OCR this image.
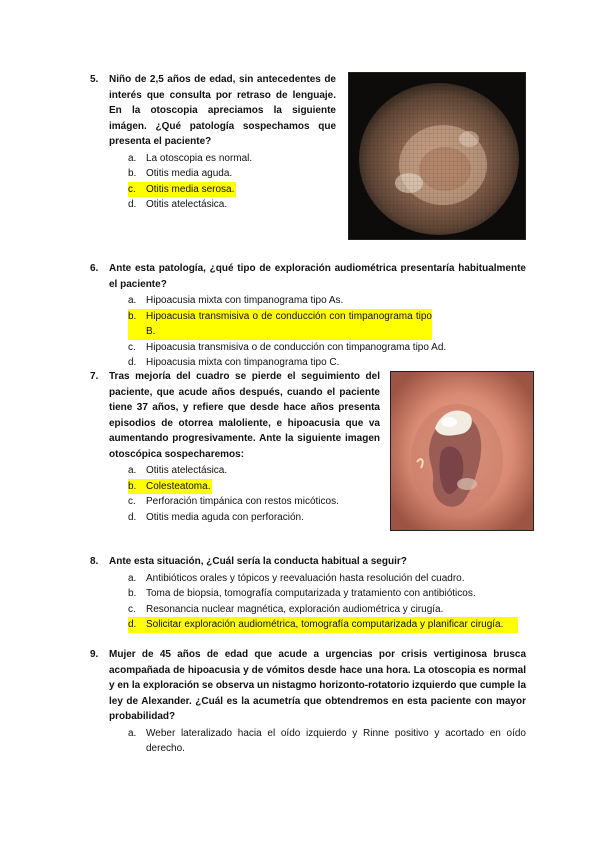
5. Niño de 2,5 años de edad, sin antecedentes de interés que consulta por retraso de lenguaje. En la otoscopia apreciamos la siguiente imágen. ¿Qué patología sospechamos que presenta el paciente?
a. La otoscopia es normal.
b. Otitis media aguda.
c.	Otitis media serosa.
d. Otitis atelectásica.
6. Ante esta patología, ¿qué tipo de exploración audiométrica presentaría habitualmente el paciente?
a. Hipoacusia mixta con timpanograma tipo As.
b. Hipoacusia transmisiva o de conducción con timpanograma tipo B.
c.	Hipoacusia transmisiva o de conducción con timpanograma tipo Ad.
d. Hipoacusia mixta con timpanograma tipo C.
7. Tras mejoría del cuadro se pierde el seguimiento del paciente, que acude años después, cuando el paciente tiene 37 años, y refiere que desde hace años presenta episodios de otorrea maloliente, e hipoacusia que va aumentando progresivamente. Ante la siguiente imagen otoscópica sospecharemos:
a. Otitis atelectásica.
b. Colesteatoma.
c.	Perforación timpánica con restos micóticos.
d. Otitis media aguda con perforación.
8. Ante esta situación, ¿Cuál sería la conducta habitual a seguir?
a. Antibióticos orales y tópicos y reevaluación hasta resolución del cuadro.
b. Toma de biopsia, tomografía computarizada y tratamiento con antibióticos.
c.	Resonancia nuclear magnética, exploración audiométrica y cirugía.
d. Solicitar exploración audiométrica, tomografía computarizada y planificar cirugía.
9. Mujer de 45 años de edad que acude a urgencias por crisis vertiginosa brusca acompañada de hipoacusia y de vómitos desde hace una hora. La otoscopia es normal y en la exploración se observa un nistagmo horizonto-rotatorio izquierdo que cumple la ley de Alexander. ¿Cuál es la acumetría que obtendremos en esta paciente con mayor probabilidad?
a. Weber lateralizado hacia el oído izquierdo y Rinne positivo y acortado en oído derecho.
